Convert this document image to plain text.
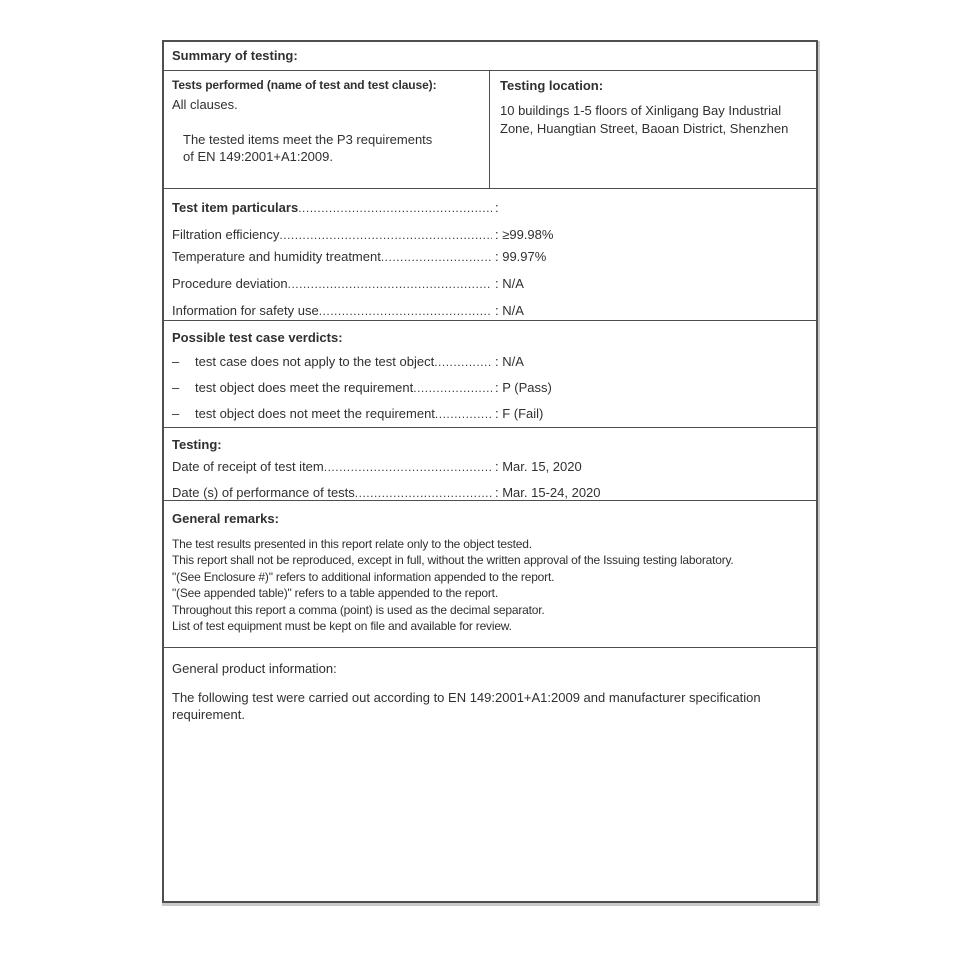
Summary of testing:
Tests performed (name of test and test clause):
All clauses.
The tested items meet the P3 requirements
of EN 149:2001+A1:2009.
Testing location:
10 buildings 1-5 floors of Xinligang Bay Industrial
Zone, Huangtian Street, Baoan District, Shenzhen
Test item particulars .....	:
Filtration efficiency .....	: ≥99.98%
Temperature and humidity treatment .....	: 99.97%
Procedure deviation .....	: N/A
Information for safety use .....	: N/A
Possible test case verdicts:
–	test case does not apply to the test object .....	: N/A
–	test object does meet the requirement .....	: P (Pass)
–	test object does not meet the requirement .....	: F (Fail)
Testing:
Date of receipt of test item .....	: Mar. 15, 2020
Date (s) of performance of tests .....	: Mar. 15-24, 2020
General remarks:
The test results presented in this report relate only to the object tested.
This report shall not be reproduced, except in full, without the written approval of the Issuing testing laboratory.
"(See Enclosure #)" refers to additional information appended to the report.
"(See appended table)" refers to a table appended to the report.
Throughout this report a comma (point) is used as the decimal separator.
List of test equipment must be kept on file and available for review.
General product information:
The following test were carried out according to EN 149:2001+A1:2009 and manufacturer specification
requirement.
